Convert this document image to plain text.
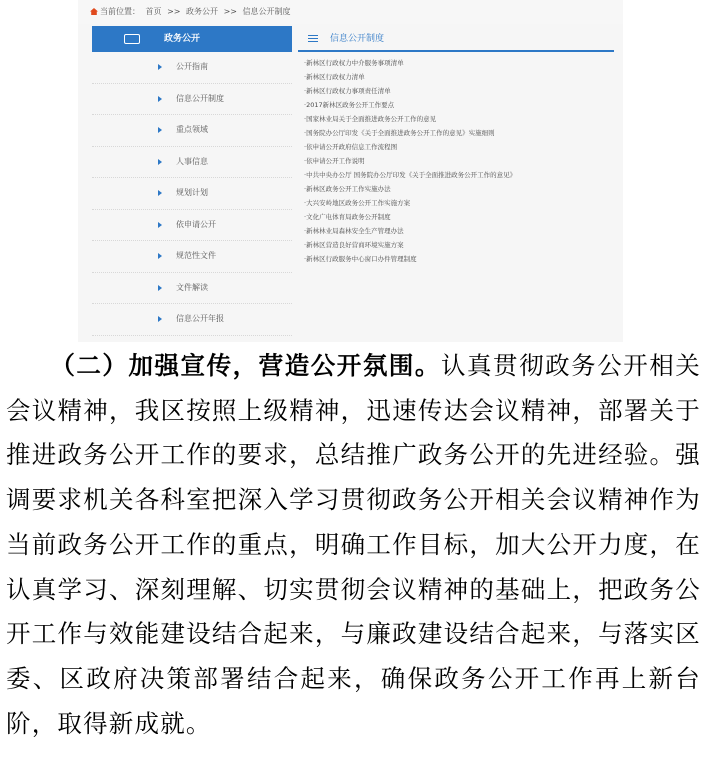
当前位置： 首页 >> 政务公开 >> 信息公开制度
政务公开
公开指南
信息公开制度
重点领域
人事信息
规划计划
依申请公开
规范性文件
文件解读
信息公开年报
信息公开制度
·新林区行政权力中介服务事项清单
·新林区行政权力清单
·新林区行政权力事项责任清单
·2017新林区政务公开工作要点
·国家林业局关于全面推进政务公开工作的意见
·国务院办公厅印发《关于全面推进政务公开工作的意见》实施细则
·依申请公开政府信息工作流程图
·依申请公开工作说明
·中共中央办公厅 国务院办公厅印发《关于全面推进政务公开工作的意见》
·新林区政务公开工作实施办法
·大兴安岭地区政务公开工作实施方案
·文化广电体育局政务公开制度
·新林林业局森林安全生产管理办法
·新林区营造良好营商环境实施方案
·新林区行政服务中心窗口办件管理制度
（二）加强宣传，营造公开氛围。认真贯彻政务公开相关会议精神，我区按照上级精神，迅速传达会议精神，部署关于推进政务公开工作的要求，总结推广政务公开的先进经验。强调要求机关各科室把深入学习贯彻政务公开相关会议精神作为当前政务公开工作的重点，明确工作目标，加大公开力度，在认真学习、深刻理解、切实贯彻会议精神的基础上，把政务公开工作与效能建设结合起来，与廉政建设结合起来，与落实区委、区政府决策部署结合起来，确保政务公开工作再上新台阶，取得新成就。
